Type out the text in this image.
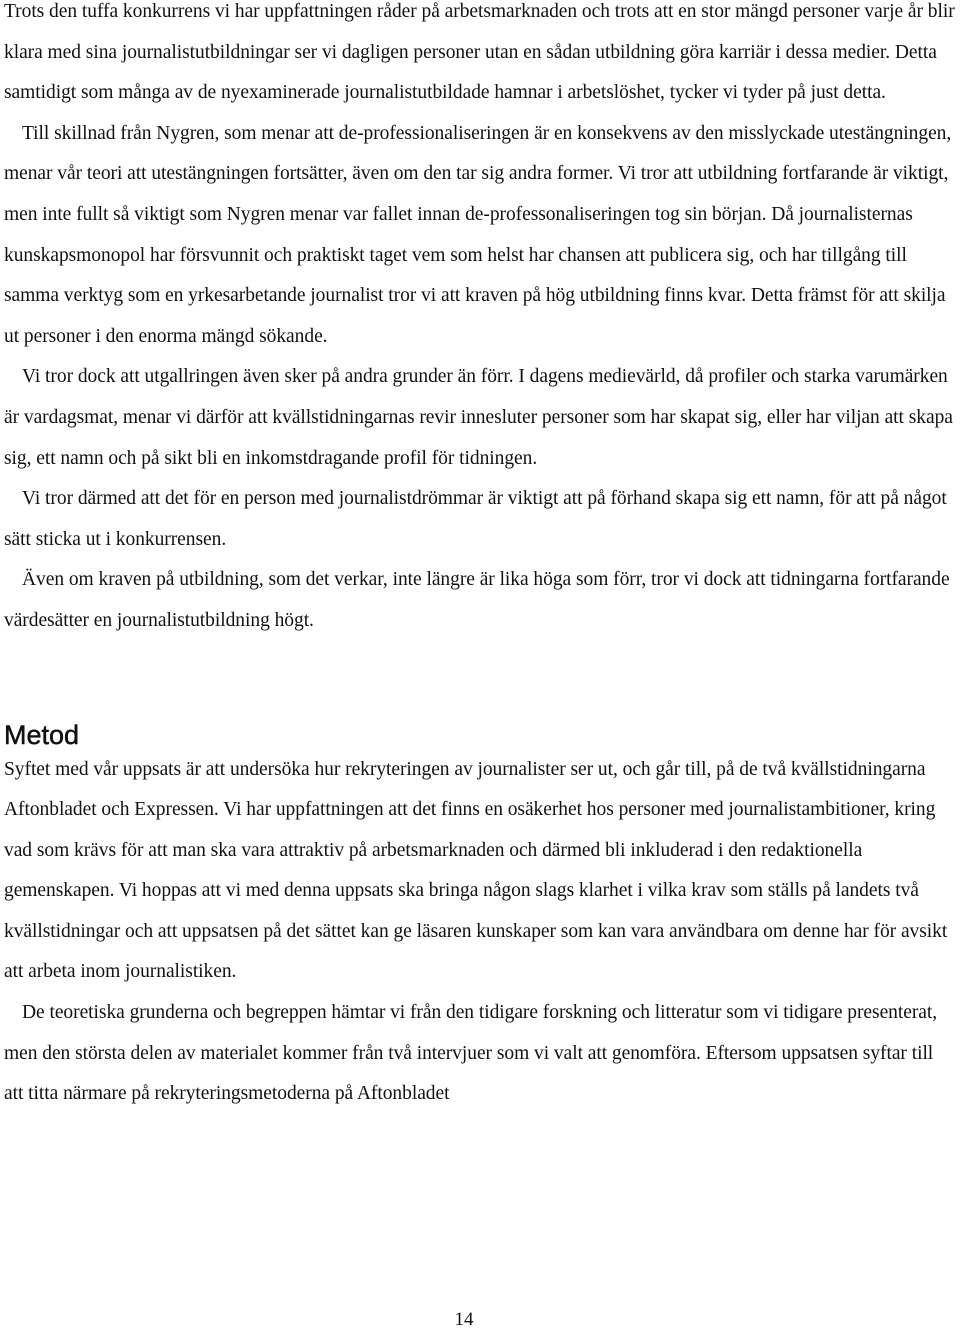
Trots den tuffa konkurrens vi har uppfattningen råder på arbetsmarknaden och trots att en stor mängd personer varje år blir klara med sina journalistutbildningar ser vi dagligen personer utan en sådan utbildning göra karriär i dessa medier. Detta samtidigt som många av de nyexaminerade journalistutbildade hamnar i arbetslöshet, tycker vi tyder på just detta.

Till skillnad från Nygren, som menar att de-professionaliseringen är en konsekvens av den misslyckade utestängningen, menar vår teori att utestängningen fortsätter, även om den tar sig andra former. Vi tror att utbildning fortfarande är viktigt, men inte fullt så viktigt som Nygren menar var fallet innan de-professonaliseringen tog sin början. Då journalisternas kunskapsmonopol har försvunnit och praktiskt taget vem som helst har chansen att publicera sig, och har tillgång till samma verktyg som en yrkesarbetande journalist tror vi att kraven på hög utbildning finns kvar. Detta främst för att skilja ut personer i den enorma mängd sökande.

Vi tror dock att utgallringen även sker på andra grunder än förr. I dagens medievärld, då profiler och starka varumärken är vardagsmat, menar vi därför att kvällstidningarnas revir innesluter personer som har skapat sig, eller har viljan att skapa sig, ett namn och på sikt bli en inkomstdragande profil för tidningen.

Vi tror därmed att det för en person med journalistdrömmar är viktigt att på förhand skapa sig ett namn, för att på något sätt sticka ut i konkurrensen.

Även om kraven på utbildning, som det verkar, inte längre är lika höga som förr, tror vi dock att tidningarna fortfarande värdesätter en journalistutbildning högt.

Metod

Syftet med vår uppsats är att undersöka hur rekryteringen av journalister ser ut, och går till, på de två kvällstidningarna Aftonbladet och Expressen. Vi har uppfattningen att det finns en osäkerhet hos personer med journalistambitioner, kring vad som krävs för att man ska vara attraktiv på arbetsmarknaden och därmed bli inkluderad i den redaktionella gemenskapen. Vi hoppas att vi med denna uppsats ska bringa någon slags klarhet i vilka krav som ställs på landets två kvällstidningar och att uppsatsen på det sättet kan ge läsaren kunskaper som kan vara användbara om denne har för avsikt att arbeta inom journalistiken.

De teoretiska grunderna och begreppen hämtar vi från den tidigare forskning och litteratur som vi tidigare presenterat, men den största delen av materialet kommer från två intervjuer som vi valt att genomföra. Eftersom uppsatsen syftar till att titta närmare på rekryteringsmetoderna på Aftonbladet

14
